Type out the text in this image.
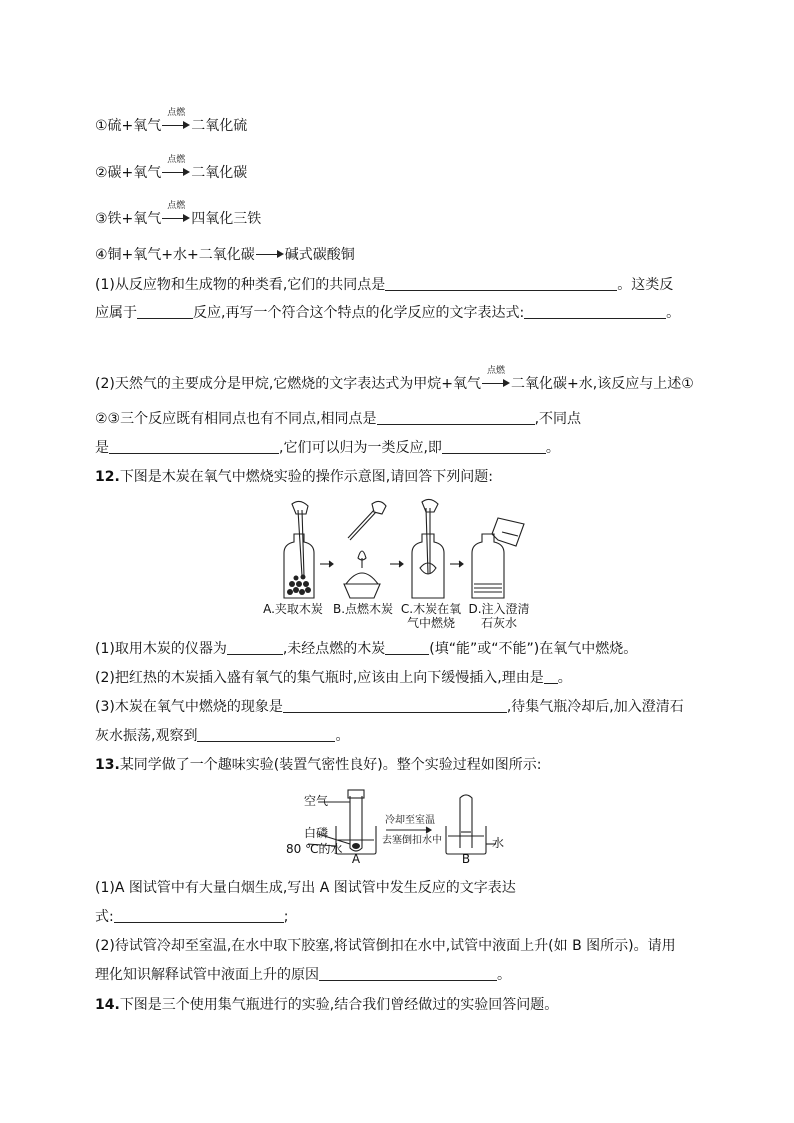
①硫+氧气
点燃
二氧化硫
②碳+氧气
点燃
二氧化碳
③铁+氧气
点燃
四氧化三铁
④铜+氧气+水+二氧化碳 碱式碳酸铜
(1)从反应物和生成物的种类看,它们的共同点是	。这类反
应属于	反应,再写一个符合这个特点的化学反应的文字表达式:	。
(2)天然气的主要成分是甲烷,它燃烧的文字表达式为甲烷+氧气
点燃
二氧化碳+水,该反应与上述①
②③三个反应既有相同点也有不同点,相同点是	,不同点
是	,它们可以归为一类反应,即	。
12.下图是木炭在氧气中燃烧实验的操作示意图,请回答下列问题:
A.夹取木炭 B.点燃木炭 C.木炭在氧
气中燃烧
D.注入澄清
石灰水
(1)取用木炭的仪器为	,未经点燃的木炭	(填“能”或“不能”)在氧气中燃烧。
(2)把红热的木炭插入盛有氧气的集气瓶时,应该由上向下缓慢插入,理由是 。
(3)木炭在氧气中燃烧的现象是	,待集气瓶冷却后,加入澄清石
灰水振荡,观察到	。
13.某同学做了一个趣味实验(装置气密性良好)。整个实验过程如图所示:
空气
白磷
80 ℃的水
A	B
水
冷却至室温
去塞倒扣水中
(1)A 图试管中有大量白烟生成,写出 A 图试管中发生反应的文字表达
式:	;
(2)待试管冷却至室温,在水中取下胶塞,将试管倒扣在水中,试管中液面上升(如 B 图所示)。请用
理化知识解释试管中液面上升的原因	。
14.下图是三个使用集气瓶进行的实验,结合我们曾经做过的实验回答问题。
